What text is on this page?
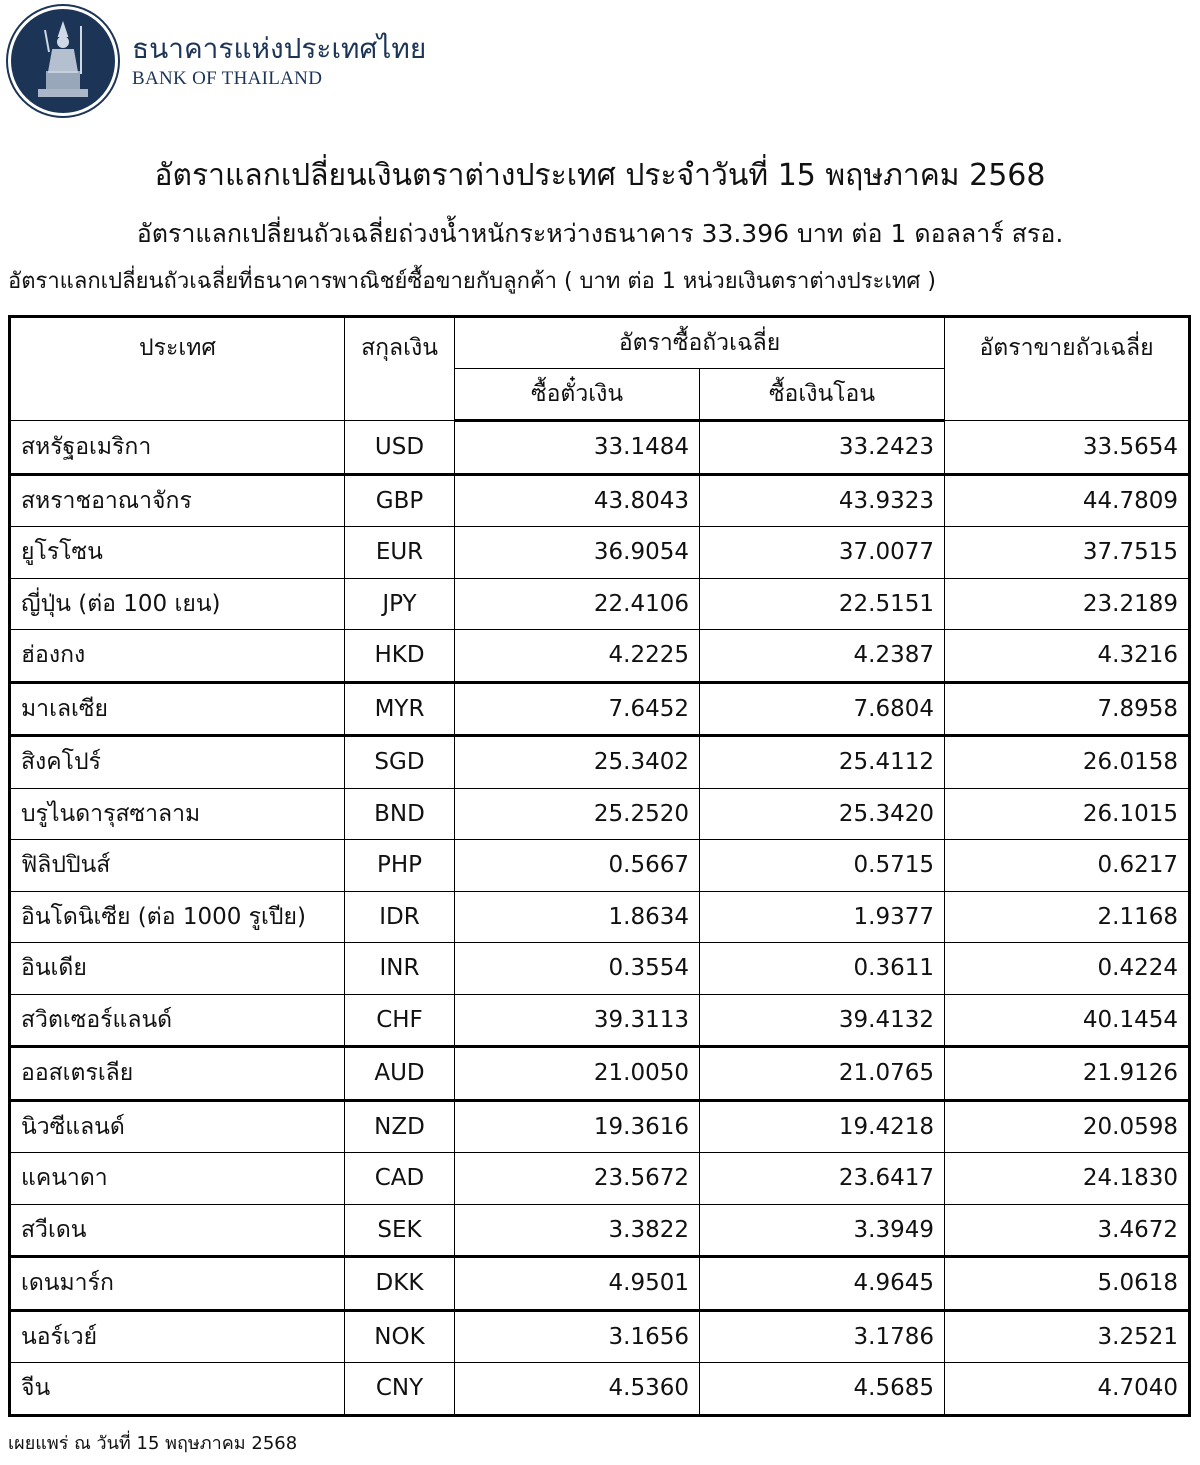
ธนาคารแห่งประเทศไทย
BANK OF THAILAND
อัตราแลกเปลี่ยนเงินตราต่างประเทศ ประจำวันที่ 15 พฤษภาคม 2568
อัตราแลกเปลี่ยนถัวเฉลี่ยถ่วงน้ำหนักระหว่างธนาคาร 33.396 บาท ต่อ 1 ดอลลาร์ สรอ.
อัตราแลกเปลี่ยนถัวเฉลี่ยที่ธนาคารพาณิชย์ซื้อขายกับลูกค้า ( บาท ต่อ 1 หน่วยเงินตราต่างประเทศ )
ประเทศ	สกุลเงิน	อัตราซื้อถัวเฉลี่ย		อัตราขายถัวเฉลี่ย
		ซื้อตั๋วเงิน	ซื้อเงินโอน	
สหรัฐอเมริกา	USD	33.1484	33.2423	33.5654
สหราชอาณาจักร	GBP	43.8043	43.9323	44.7809
ยูโรโซน	EUR	36.9054	37.0077	37.7515
ญี่ปุ่น (ต่อ 100 เยน)	JPY	22.4106	22.5151	23.2189
ฮ่องกง	HKD	4.2225	4.2387	4.3216
มาเลเซีย	MYR	7.6452	7.6804	7.8958
สิงคโปร์	SGD	25.3402	25.4112	26.0158
บรูไนดารุสซาลาม	BND	25.2520	25.3420	26.1015
ฟิลิปปินส์	PHP	0.5667	0.5715	0.6217
อินโดนิเซีย (ต่อ 1000 รูเปีย)	IDR	1.8634	1.9377	2.1168
อินเดีย	INR	0.3554	0.3611	0.4224
สวิตเซอร์แลนด์	CHF	39.3113	39.4132	40.1454
ออสเตรเลีย	AUD	21.0050	21.0765	21.9126
นิวซีแลนด์	NZD	19.3616	19.4218	20.0598
แคนาดา	CAD	23.5672	23.6417	24.1830
สวีเดน	SEK	3.3822	3.3949	3.4672
เดนมาร์ก	DKK	4.9501	4.9645	5.0618
นอร์เวย์	NOK	3.1656	3.1786	3.2521
จีน	CNY	4.5360	4.5685	4.7040
เผยแพร่ ณ วันที่ 15 พฤษภาคม 2568
